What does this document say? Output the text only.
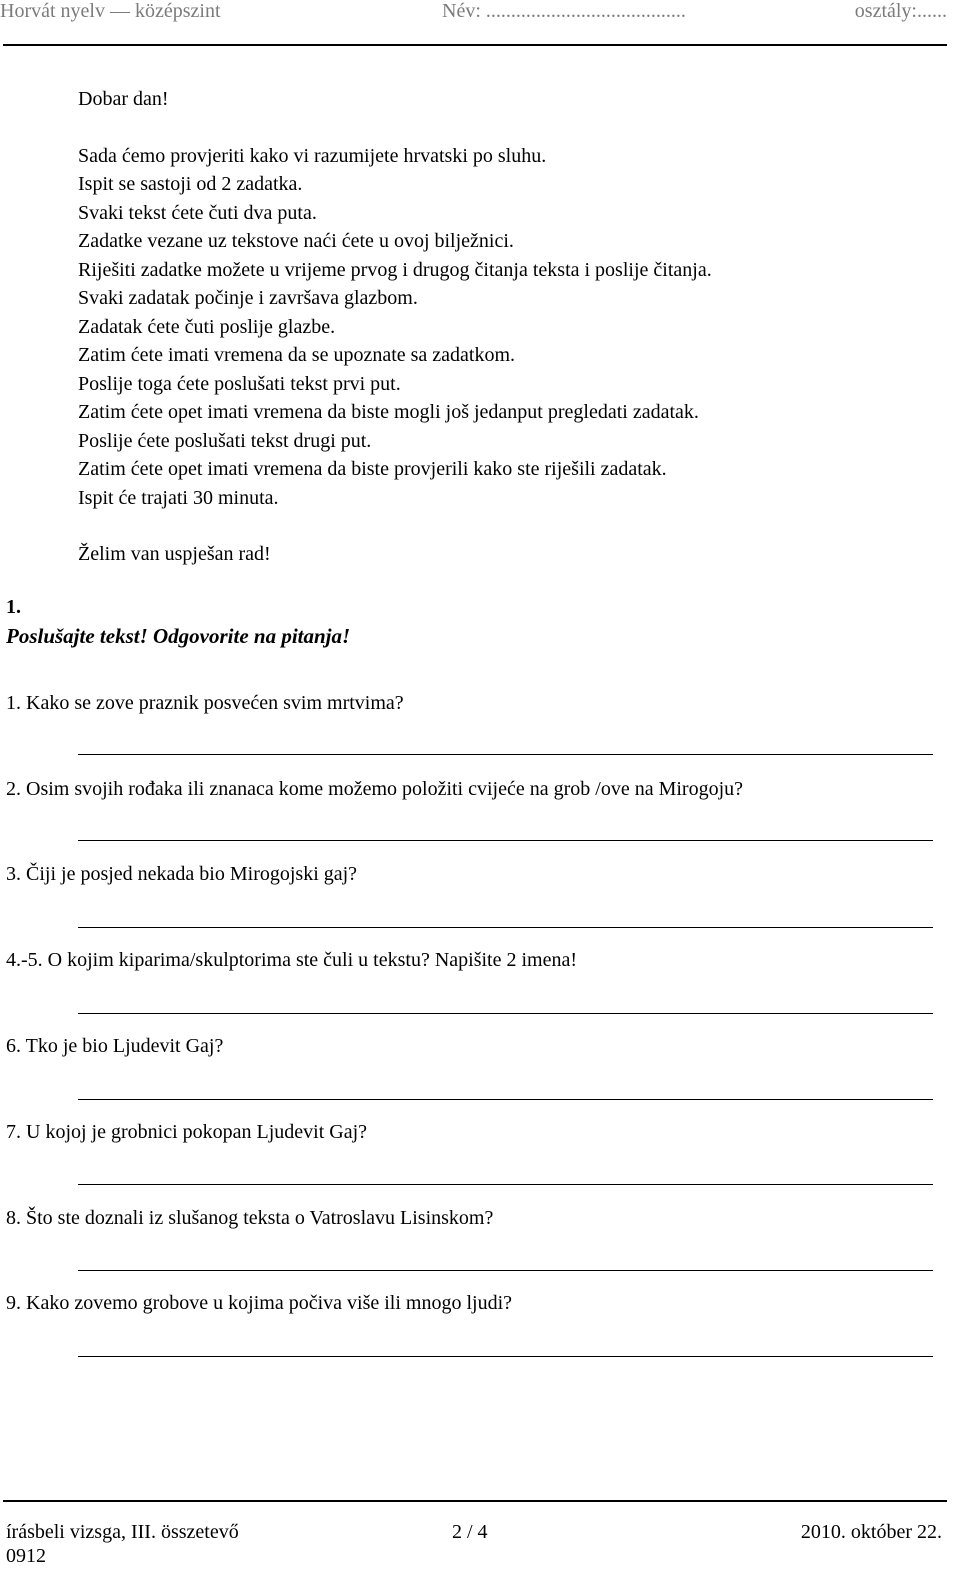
Horvát nyelv — középszint	Név: ........................................	osztály:......
Dobar dan!
Sada ćemo provjeriti kako vi razumijete hrvatski po sluhu.
Ispit se sastoji od 2 zadatka.
Svaki tekst ćete čuti dva puta.
Zadatke vezane uz tekstove naći ćete u ovoj bilježnici.
Riješiti zadatke možete u vrijeme prvog i drugog čitanja teksta i poslije čitanja.
Svaki zadatak počinje i završava glazbom.
Zadatak ćete čuti poslije glazbe.
Zatim ćete imati vremena da se upoznate sa zadatkom.
Poslije toga ćete poslušati tekst prvi put.
Zatim ćete opet imati vremena da biste mogli još jedanput pregledati zadatak.
Poslije ćete poslušati tekst drugi put.
Zatim ćete opet imati vremena da biste provjerili kako ste riješili zadatak.
Ispit će trajati 30 minuta.
Želim van uspješan rad!
1.
Poslušajte tekst! Odgovorite na pitanja!
1. Kako se zove praznik posvećen svim mrtvima?
2. Osim svojih rođaka ili znanaca kome možemo položiti cvijeće na grob /ove na Mirogoju?
3. Čiji je posjed nekada bio Mirogojski gaj?
4.-5. O kojim kiparima/skulptorima ste čuli u tekstu? Napišite 2 imena!
6. Tko je bio Ljudevit Gaj?
7. U kojoj je grobnici pokopan Ljudevit Gaj?
8. Što ste doznali iz slušanog teksta o Vatroslavu Lisinskom?
9. Kako zovemo grobove u kojima počiva više ili mnogo ljudi?
írásbeli vizsga, III. összetevő	2 / 4	2010. október 22.
0912
